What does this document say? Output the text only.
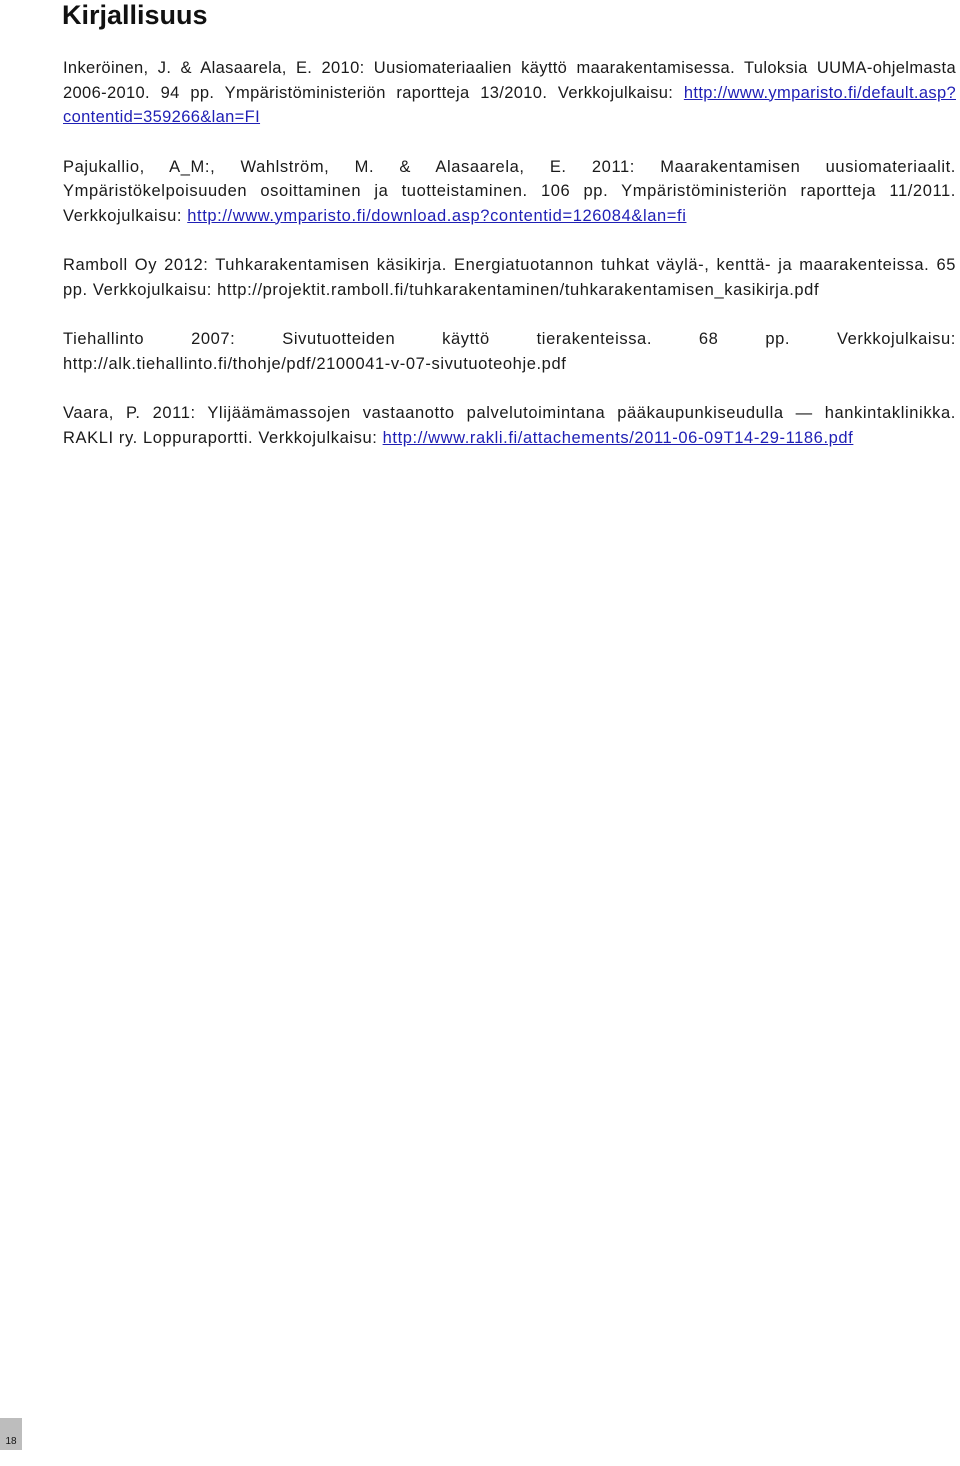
Kirjallisuus
Inkeröinen, J. & Alasaarela, E. 2010: Uusiomateriaalien käyttö maarakentamisessa. Tuloksia UUMA-ohjelmasta 2006-2010. 94 pp. Ympäristöministeriön raportteja 13/2010. Verkkojulkaisu: http://www.ymparisto.fi/default.asp?contentid=359266&lan=FI
Pajukallio, A_M:, Wahlström, M. & Alasaarela, E. 2011: Maarakentamisen uusiomateriaalit. Ympäristökelpoisuuden osoittaminen ja tuotteistaminen. 106 pp. Ympäristöministeriön raportteja 11/2011. Verkkojulkaisu: http://www.ymparisto.fi/download.asp?contentid=126084&lan=fi
Ramboll Oy 2012: Tuhkarakentamisen käsikirja. Energiatuotannon tuhkat väylä-, kenttä- ja maarakenteissa. 65 pp. Verkkojulkaisu: http://projektit.ramboll.fi/tuhkarakentaminen/tuhkarakentamisen_kasikirja.pdf
Tiehallinto 2007: Sivutuotteiden käyttö tierakenteissa. 68 pp. Verkkojulkaisu: http://alk.tiehallinto.fi/thohje/pdf/2100041-v-07-sivutuoteohje.pdf
Vaara, P. 2011: Ylijäämämassojen vastaanotto palvelutoimintana pääkaupunkiseudulla — hankintaklinikka. RAKLI ry. Loppuraportti. Verkkojulkaisu: http://www.rakli.fi/attachements/2011-06-09T14-29-1186.pdf
18
